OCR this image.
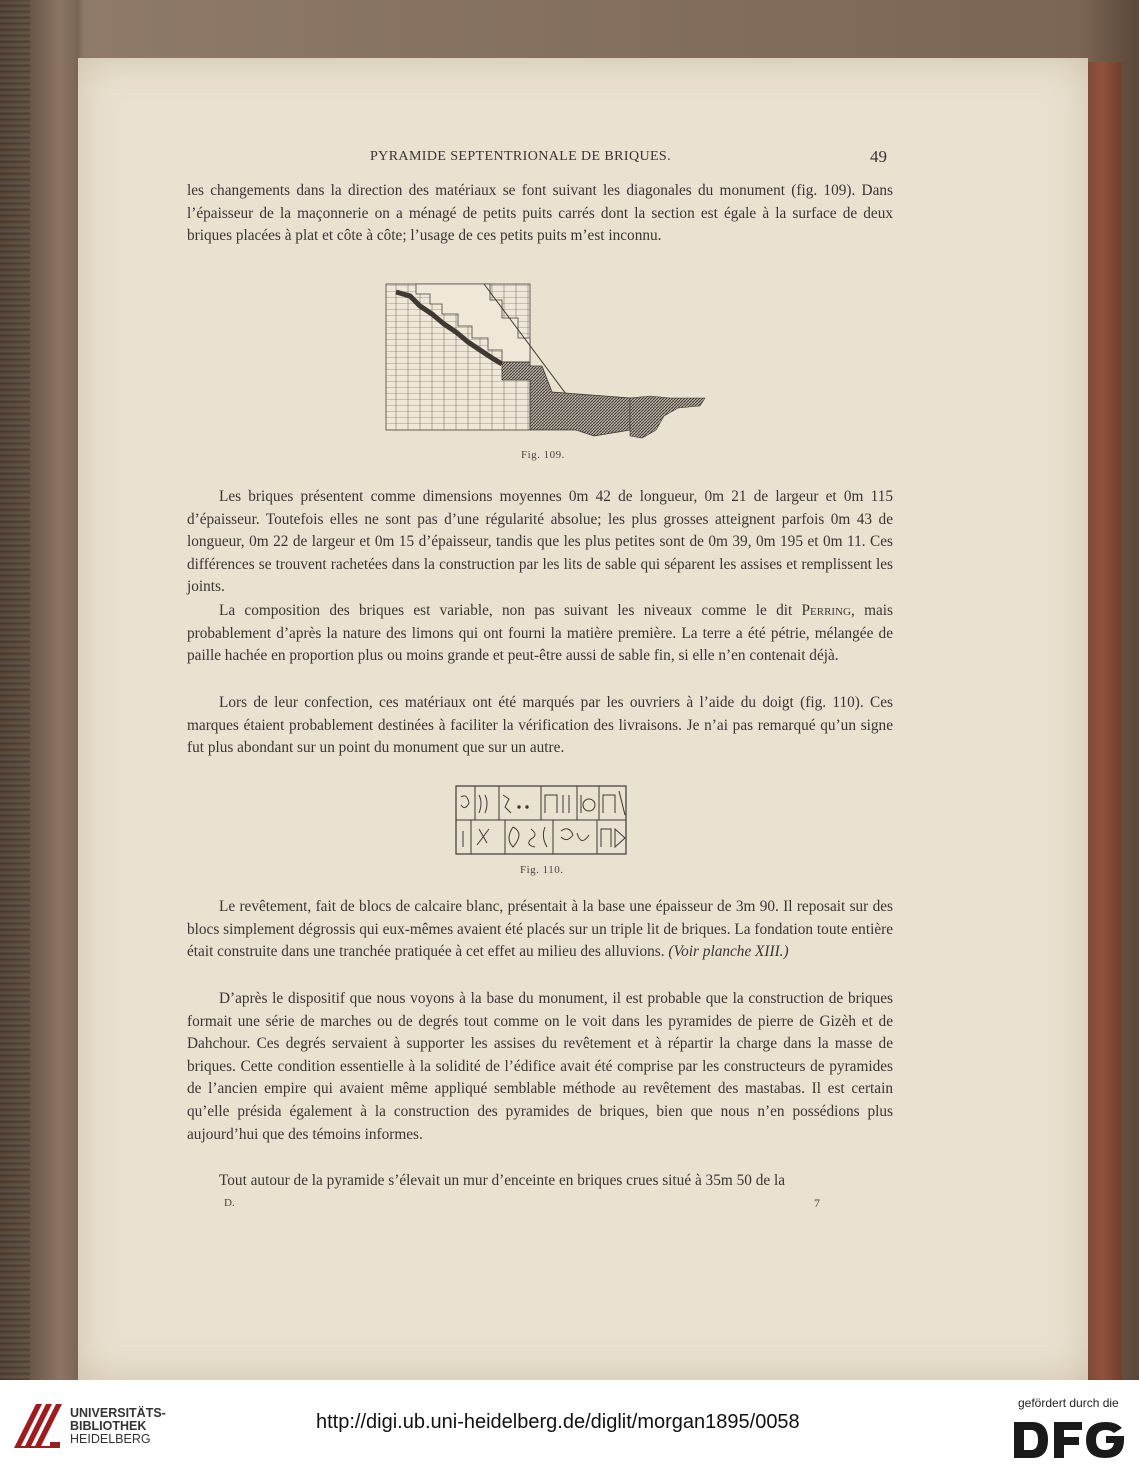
PYRAMIDE SEPTENTRIONALE DE BRIQUES.	49

les changements dans la direction des matériaux se font suivant les diagonales du monument (fig. 109). Dans l’épaisseur de la maçonnerie on a ménagé de petits puits carrés dont la section est égale à la surface de deux briques placées à plat et côte à côte; l’usage de ces petits puits m’est inconnu.

Fig. 109.

Les briques présentent comme dimensions moyennes 0m 42 de longueur, 0m 21 de largeur et 0m 115 d’épaisseur. Toutefois elles ne sont pas d’une régularité absolue; les plus grosses atteignent parfois 0m 43 de longueur, 0m 22 de largeur et 0m 15 d’épaisseur, tandis que les plus petites sont de 0m 39, 0m 195 et 0m 11. Ces différences se trouvent rachetées dans la construction par les lits de sable qui séparent les assises et remplissent les joints.

La composition des briques est variable, non pas suivant les niveaux comme le dit Perring, mais probablement d’après la nature des limons qui ont fourni la matière première. La terre a été pétrie, mélangée de paille hachée en proportion plus ou moins grande et peut-être aussi de sable fin, si elle n’en contenait déjà.

Lors de leur confection, ces matériaux ont été marqués par les ouvriers à l’aide du doigt (fig. 110). Ces marques étaient probablement destinées à faciliter la vérification des livraisons. Je n’ai pas remarqué qu’un signe fut plus abondant sur un point du monument que sur un autre.

Fig. 110.

Le revêtement, fait de blocs de calcaire blanc, présentait à la base une épaisseur de 3m 90. Il reposait sur des blocs simplement dégrossis qui eux-mêmes avaient été placés sur un triple lit de briques. La fondation toute entière était construite dans une tranchée pratiquée à cet effet au milieu des alluvions. (Voir planche XIII.)

D’après le dispositif que nous voyons à la base du monument, il est probable que la construction de briques formait une série de marches ou de degrés tout comme on le voit dans les pyramides de pierre de Gizèh et de Dahchour. Ces degrés servaient à supporter les assises du revêtement et à répartir la charge dans la masse de briques. Cette condition essentielle à la solidité de l’édifice avait été comprise par les constructeurs de pyramides de l’ancien empire qui avaient même appliqué semblable méthode au revêtement des mastabas. Il est certain qu’elle présida également à la construction des pyramides de briques, bien que nous n’en possédions plus aujourd’hui que des témoins informes.

Tout autour de la pyramide s’élevait un mur d’enceinte en briques crues situé à 35m 50 de la

D.	7
UNIVERSITÄTS-
BIBLIOTHEK
HEIDELBERG
http://digi.ub.uni-heidelberg.de/diglit/morgan1895/0058
gefördert durch die
DFG
